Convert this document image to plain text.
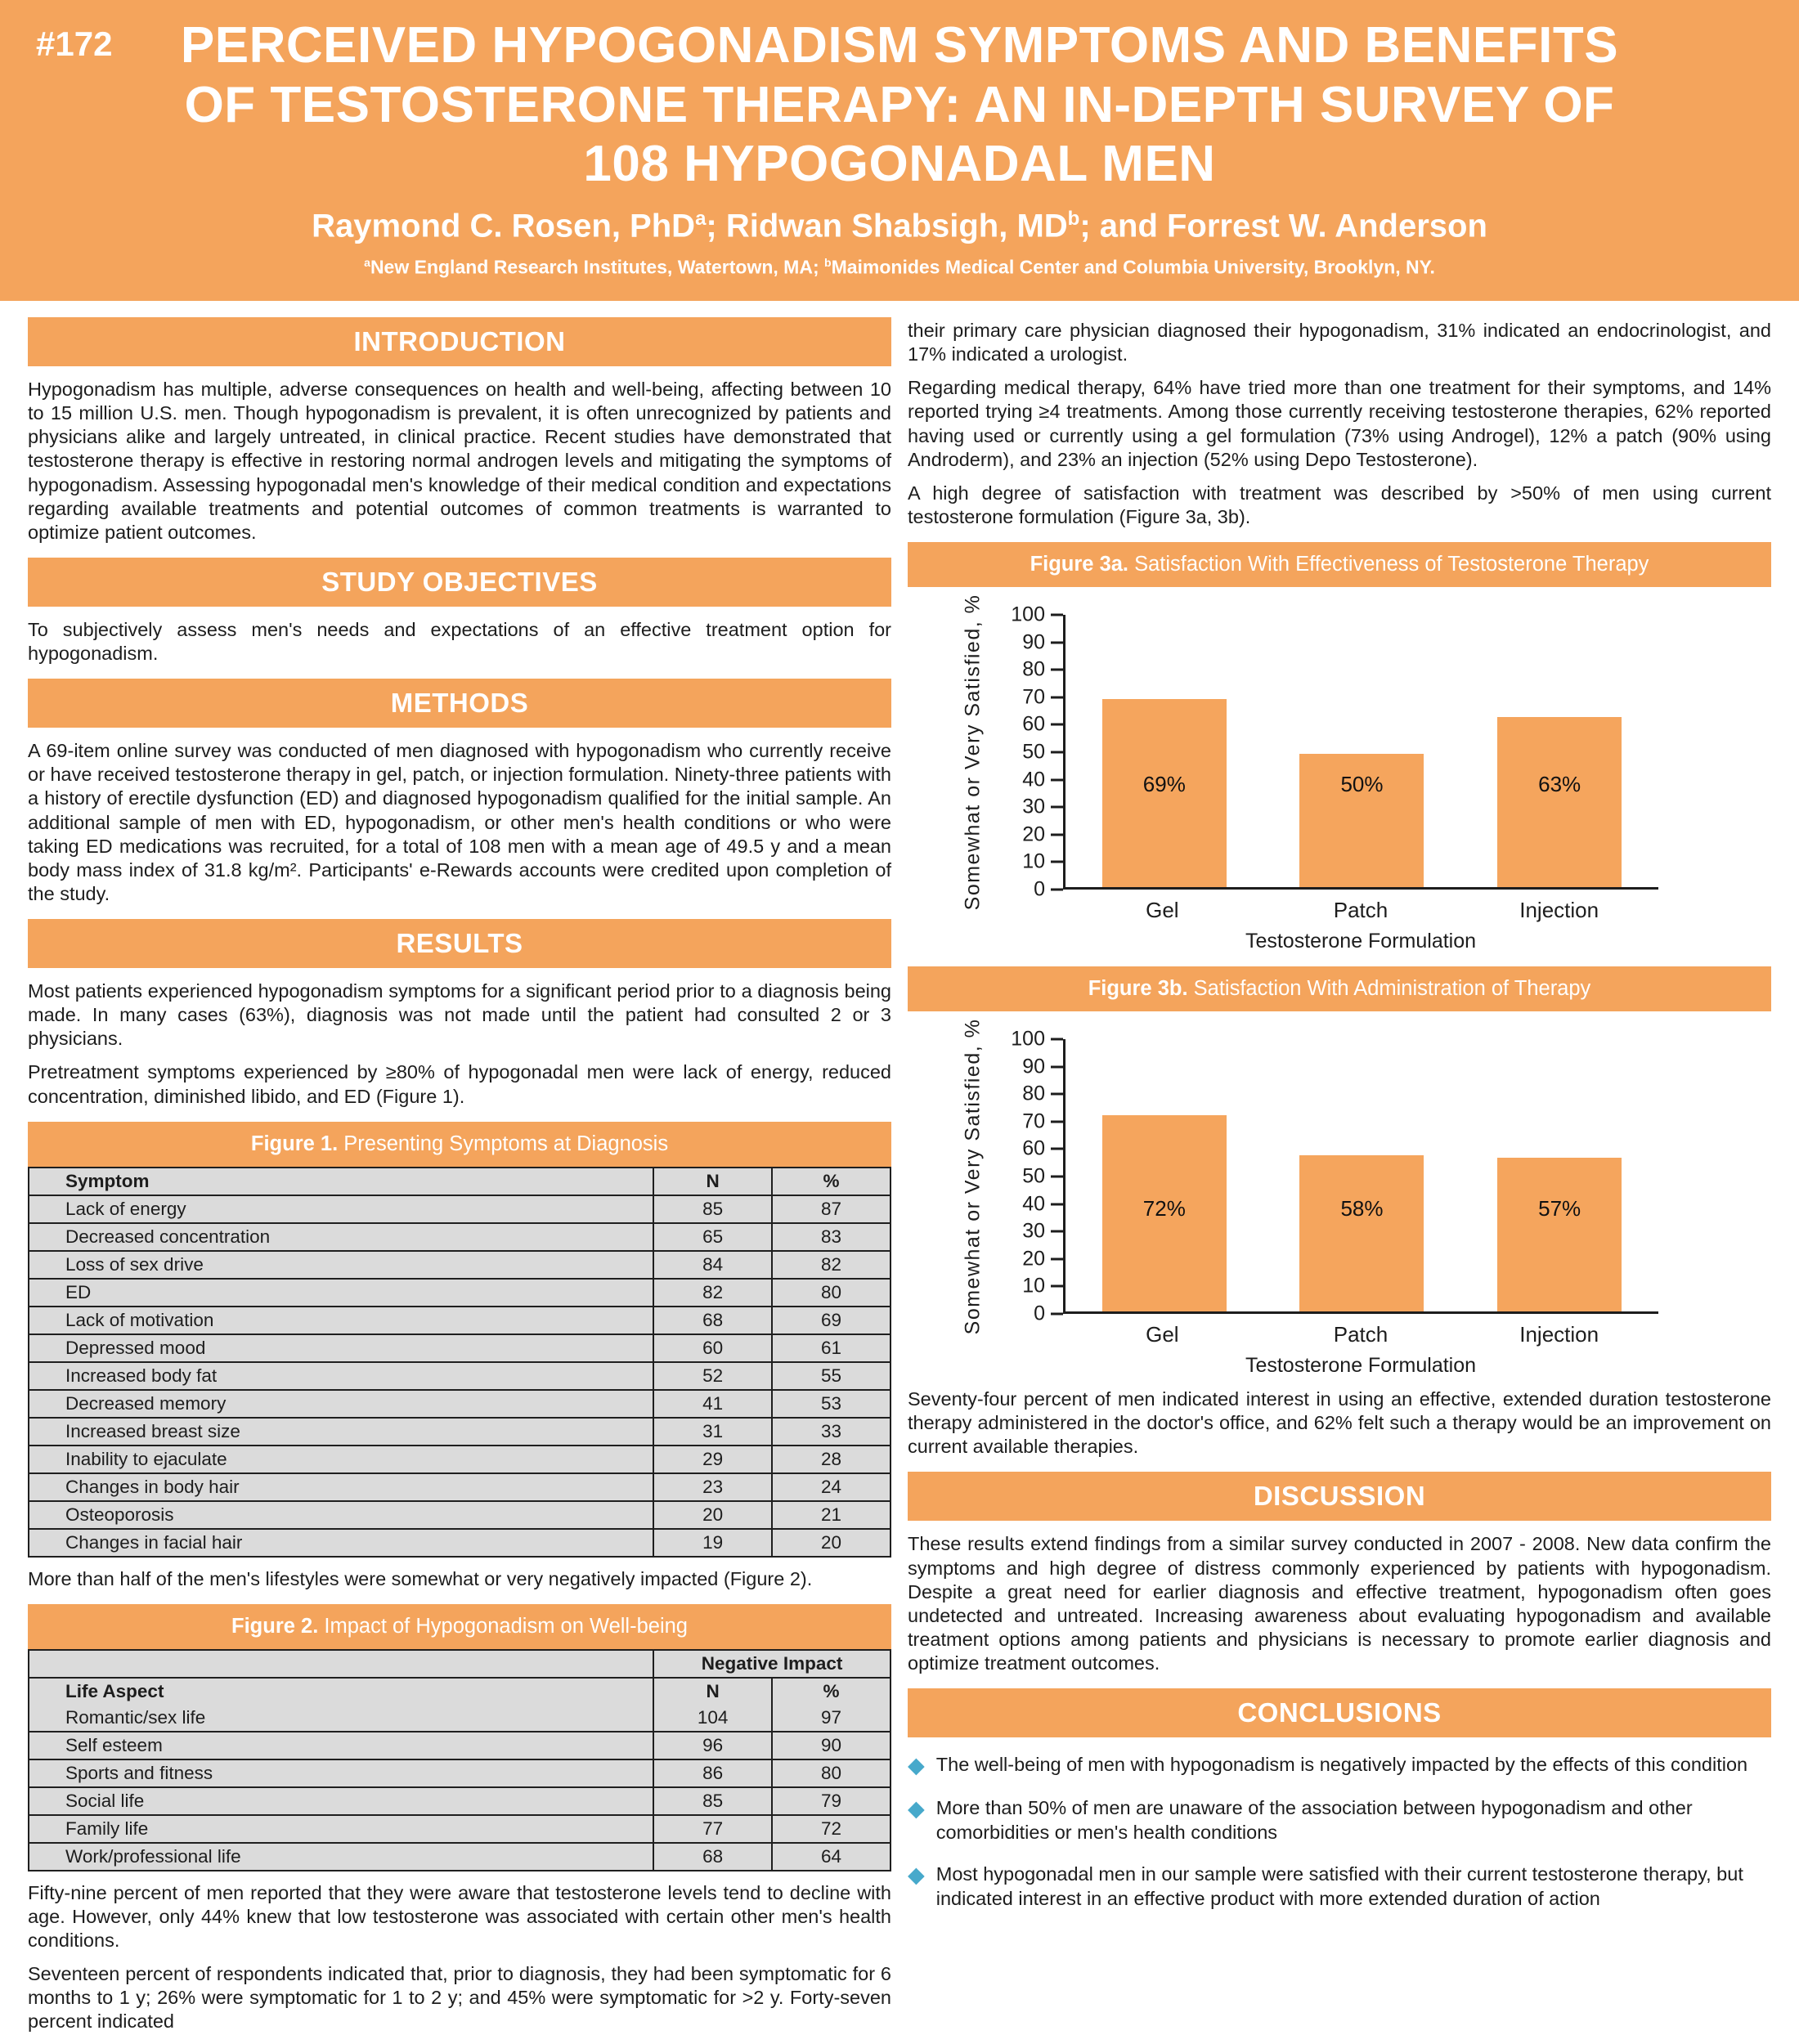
#172	PERCEIVED HYPOGONADISM SYMPTOMS AND BENEFITS
OF TESTOSTERONE THERAPY: AN IN-DEPTH SURVEY OF
108 HYPOGONADAL MEN
Raymond C. Rosen, PhD$^a$; Ridwan Shabsigh, $MD^b$; and Forrest W. Anderson
$^a$New England Research Institutes, Watertown, MA; $^b$Maimonides Medical Center and Columbia University, Brooklyn, NY.
INTRODUCTION

Hypogonadism has multiple, adverse consequences on health and well-being, affecting between 10 to 15 million U.S. men. Though hypogonadism is prevalent, it is often unrecognized by patients and physicians alike and largely untreated, in clinical practice. Recent studies have demonstrated that testosterone therapy is effective in restoring normal androgen levels and mitigating the symptoms of hypogonadism. Assessing hypogonadal men's knowledge of their medical condition and expectations regarding available treatments and potential outcomes of common treatments is warranted to optimize patient outcomes.

STUDY OBJECTIVES

To subjectively assess men's needs and expectations of an effective treatment option for hypogonadism.

METHODS

A 69-item online survey was conducted of men diagnosed with hypogonadism who currently receive or have received testosterone therapy in gel, patch, or injection formulation. Ninety-three patients with a history of erectile dysfunction (ED) and diagnosed hypogonadism qualified for the initial sample. An additional sample of men with ED, hypogonadism, or other men's health conditions or who were taking ED medications was recruited, for a total of 108 men with a mean age of 49.5 y and a mean body mass index of 31.8 kg/m². Participants' e-Rewards accounts were credited upon completion of the study.

RESULTS

Most patients experienced hypogonadism symptoms for a significant period prior to a diagnosis being made. In many cases (63%), diagnosis was not made until the patient had consulted 2 or 3 physicians.

Pretreatment symptoms experienced by ≥80% of hypogonadal men were lack of energy, reduced concentration, diminished libido, and ED (Figure 1).

Figure 1. Presenting Symptoms at Diagnosis
Symptom	N	%
Lack of energy	85	87
Decreased concentration	65	83
Loss of sex drive	84	82
ED	82	80
Lack of motivation	68	69
Depressed mood	60	61
Increased body fat	52	55
Decreased memory	41	53
Increased breast size	31	33
Inability to ejaculate	29	28
Changes in body hair	23	24
Osteoporosis	20	21
Changes in facial hair	19	20

More than half of the men's lifestyles were somewhat or very negatively impacted (Figure 2).

Figure 2. Impact of Hypogonadism on Well-being
	Negative Impact	
Life Aspect	N	%
Romantic/sex life	104	97
Self esteem	96	90
Sports and fitness	86	80
Social life	85	79
Family life	77	72
Work/professional life	68	64

Fifty-nine percent of men reported that they were aware that testosterone levels tend to decline with age. However, only 44% knew that low testosterone was associated with certain other men's health conditions.

Seventeen percent of respondents indicated that, prior to diagnosis, they had been symptomatic for 6 months to 1 y; 26% were symptomatic for 1 to 2 y; and 45% were symptomatic for >2 y. Forty-seven percent indicated

their primary care physician diagnosed their hypogonadism, 31% indicated an endocrinologist, and 17% indicated a urologist.

Regarding medical therapy, 64% have tried more than one treatment for their symptoms, and 14% reported trying ≥4 treatments. Among those currently receiving testosterone therapies, 62% reported having used or currently using a gel formulation (73% using Androgel), 12% a patch (90% using Androderm), and 23% an injection (52% using Depo Testosterone).

A high degree of satisfaction with treatment was described by >50% of men using current testosterone formulation (Figure 3a, 3b).

Figure 3a. Satisfaction With Effectiveness of Testosterone Therapy
Somewhat or Very Satisfied, % 0
10
20
30
40
50
60
70
80
90
100
69%	50%	63%
Gel	Patch	Injection
Testosterone Formulation
Figure 3b. Satisfaction With Administration of Therapy
Somewhat or Very Satisfied, % 0
10
20
30
40
50
60
70
80
90
100
72%	58%	57%
Gel	Patch	Injection
Testosterone Formulation

Seventy-four percent of men indicated interest in using an effective, extended duration testosterone therapy administered in the doctor's office, and 62% felt such a therapy would be an improvement on current available therapies.

DISCUSSION

These results extend findings from a similar survey conducted in 2007 - 2008. New data confirm the symptoms and high degree of distress commonly experienced by patients with hypogonadism. Despite a great need for earlier diagnosis and effective treatment, hypogonadism often goes undetected and untreated. Increasing awareness about evaluating hypogonadism and available treatment options among patients and physicians is necessary to promote earlier diagnosis and optimize treatment outcomes.

CONCLUSIONS
◆ The well-being of men with hypogonadism is negatively impacted by the effects of this condition
◆ More than 50% of men are unaware of the association between hypogonadism and other comorbidities or men's health conditions
◆ Most hypogonadal men in our sample were satisfied with their current testosterone therapy, but indicated interest in an effective product with more extended duration of action
